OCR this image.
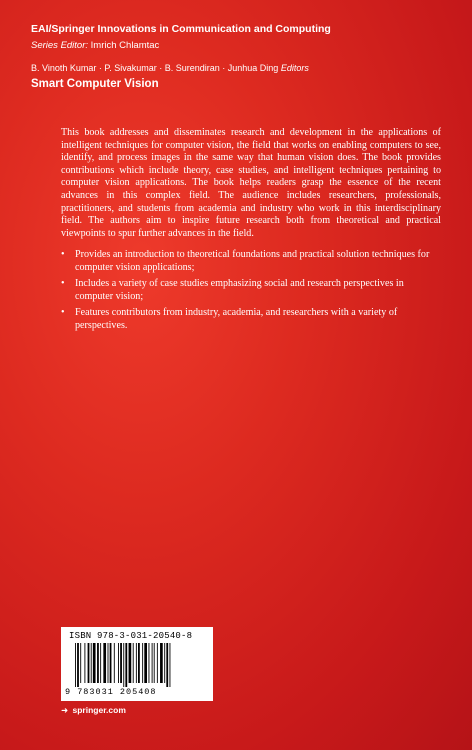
EAI/Springer Innovations in Communication and Computing
Series Editor: Imrich Chlamtac
B. Vinoth Kumar · P. Sivakumar · B. Surendiran · Junhua Ding Editors
Smart Computer Vision

This book addresses and disseminates research and development in the applications of intelligent techniques for computer vision, the field that works on enabling computers to see, identify, and process images in the same way that human vision does. The book provides contributions which include theory, case studies, and intelligent techniques pertaining to computer vision applications. The book helps readers grasp the essence of the recent advances in this complex field. The audience includes researchers, professionals, practitioners, and students from academia and industry who work in this interdisciplinary field. The authors aim to inspire future research both from theoretical and practical viewpoints to spur further advances in the field.

• Provides an introduction to theoretical foundations and practical solution techniques for computer vision applications;
• Includes a variety of case studies emphasizing social and research perspectives in computer vision;
• Features contributors from industry, academia, and researchers with a variety of perspectives.
ISBN 978-3-031-20540-8
9 783031 205408
➜ springer.com
